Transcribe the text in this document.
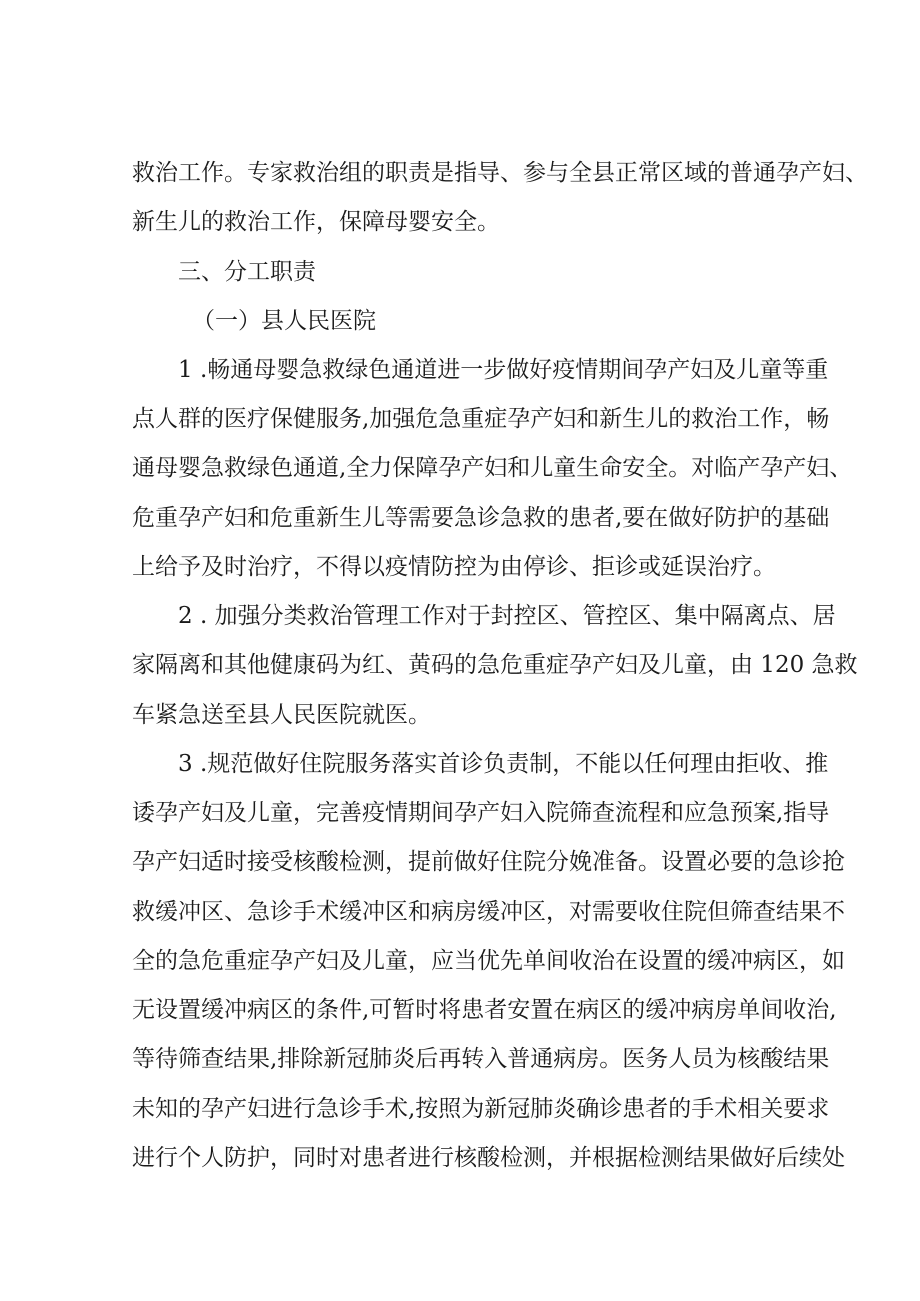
救治工作。专家救治组的职责是指导、参与全县正常区域的普通孕产妇、
新生儿的救治工作，保障母婴安全。
三、分工职责
（一）县人民医院
1 .畅通母婴急救绿色通道进一步做好疫情期间孕产妇及儿童等重
点人群的医疗保健服务,加强危急重症孕产妇和新生儿的救治工作，畅
通母婴急救绿色通道,全力保障孕产妇和儿童生命安全。对临产孕产妇、
危重孕产妇和危重新生儿等需要急诊急救的患者,要在做好防护的基础
上给予及时治疗，不得以疫情防控为由停诊、拒诊或延误治疗。
2 . 加强分类救治管理工作对于封控区、管控区、集中隔离点、居
家隔离和其他健康码为红、黄码的急危重症孕产妇及儿童，由 120 急救
车紧急送至县人民医院就医。
3 .规范做好住院服务落实首诊负责制，不能以任何理由拒收、推
诿孕产妇及儿童，完善疫情期间孕产妇入院筛查流程和应急预案,指导
孕产妇适时接受核酸检测，提前做好住院分娩准备。设置必要的急诊抢
救缓冲区、急诊手术缓冲区和病房缓冲区，对需要收住院但筛查结果不
全的急危重症孕产妇及儿童，应当优先单间收治在设置的缓冲病区，如
无设置缓冲病区的条件,可暂时将患者安置在病区的缓冲病房单间收治,
等待筛查结果,排除新冠肺炎后再转入普通病房。医务人员为核酸结果
未知的孕产妇进行急诊手术,按照为新冠肺炎确诊患者的手术相关要求
进行个人防护，同时对患者进行核酸检测，并根据检测结果做好后续处
